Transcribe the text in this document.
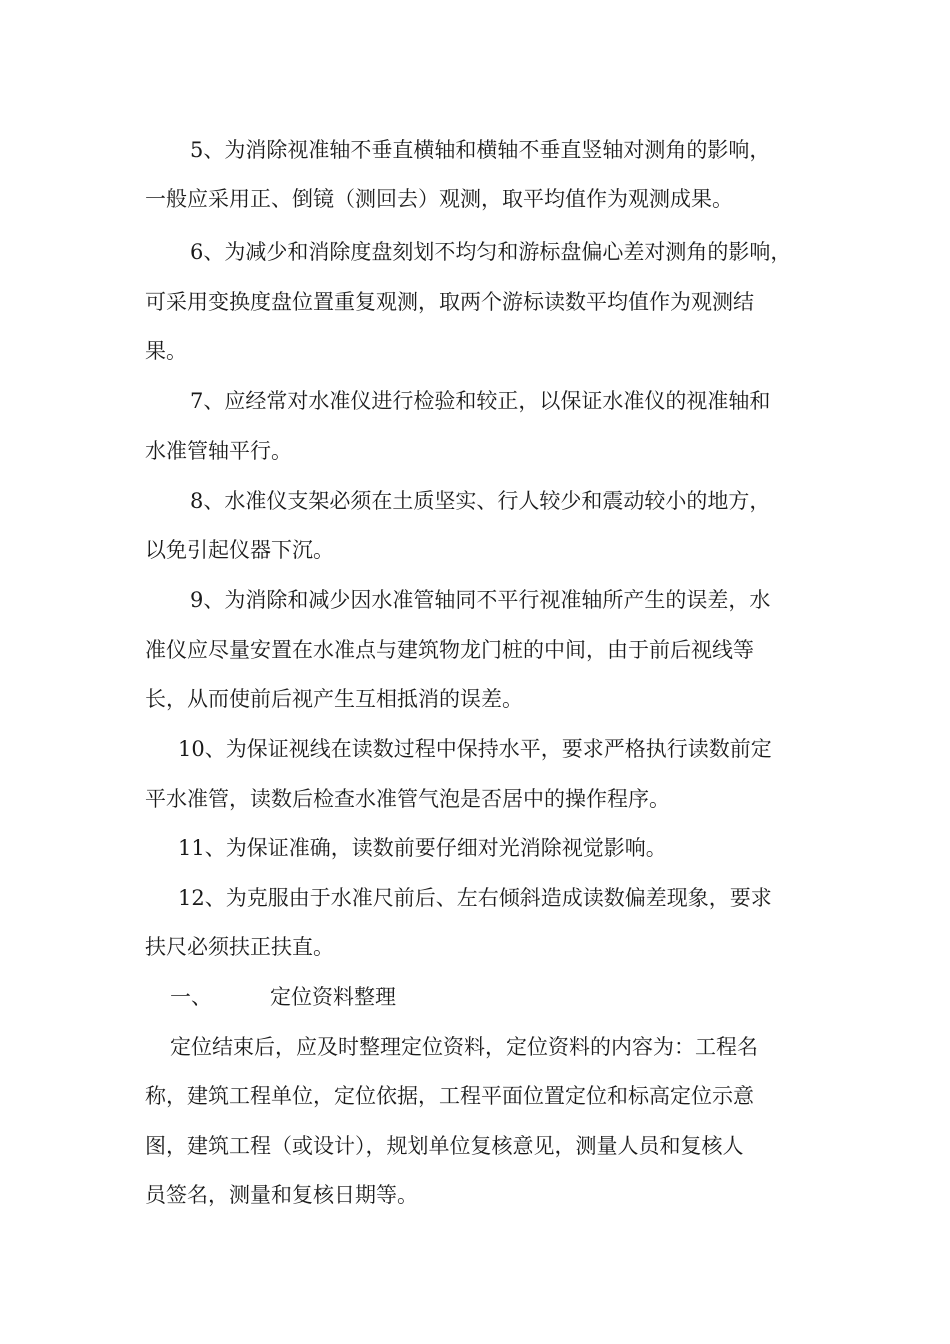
5、为消除视准轴不垂直横轴和横轴不垂直竖轴对测角的影响，
一般应采用正、倒镜（测回去）观测，取平均值作为观测成果。
6、为减少和消除度盘刻划不均匀和游标盘偏心差对测角的影响，
可采用变换度盘位置重复观测，取两个游标读数平均值作为观测结
果。
7、应经常对水准仪进行检验和较正，以保证水准仪的视准轴和
水准管轴平行。
8、水准仪支架必须在土质坚实、行人较少和震动较小的地方，
以免引起仪器下沉。
9、为消除和减少因水准管轴同不平行视准轴所产生的误差，水
准仪应尽量安置在水准点与建筑物龙门桩的中间，由于前后视线等
长，从而使前后视产生互相抵消的误差。
10、为保证视线在读数过程中保持水平，要求严格执行读数前定
平水准管，读数后检查水准管气泡是否居中的操作程序。
11、为保证准确，读数前要仔细对光消除视觉影响。
12、为克服由于水准尺前后、左右倾斜造成读数偏差现象，要求
扶尺必须扶正扶直。
一、	定位资料整理
定位结束后，应及时整理定位资料，定位资料的内容为：工程名
称，建筑工程单位，定位依据，工程平面位置定位和标高定位示意
图，建筑工程（或设计），规划单位复核意见，测量人员和复核人
员签名，测量和复核日期等。
